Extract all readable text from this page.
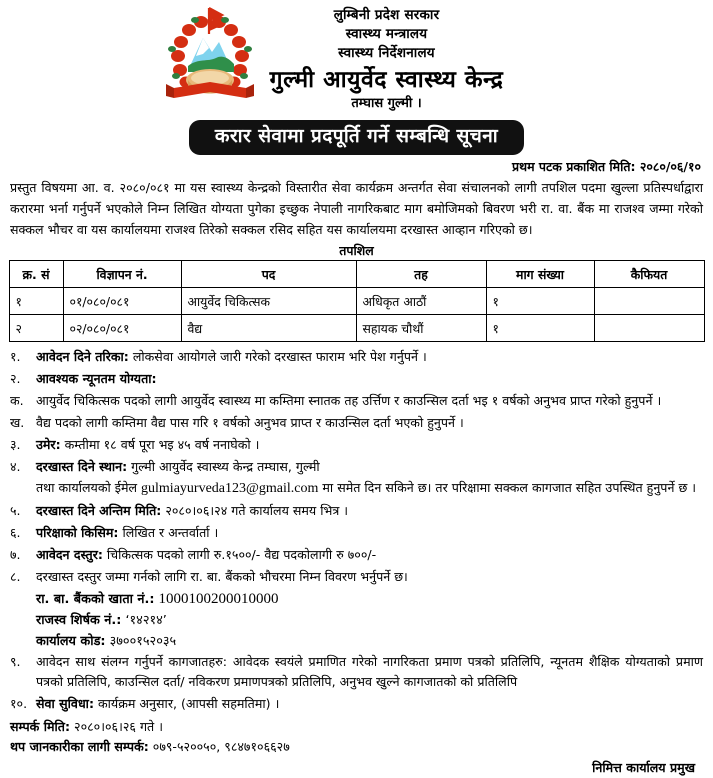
लुम्बिनी प्रदेश सरकार
स्वास्थ्य मन्त्रालय
स्वास्थ्य निर्देशनालय
गुल्मी आयुर्वेद स्वास्थ्य केन्द्र
तम्घास गुल्मी ।
करार सेवामा प्रदपूर्ति गर्ने सम्बन्धि सूचना
प्रथम पटक प्रकाशित मिति: २०८०/०६/१०
प्रस्तुत विषयमा आ. व. २०८०/०८१ मा यस स्वास्थ्य केन्द्रको विस्तारीत सेवा कार्यक्रम अन्तर्गत सेवा संचालनको लागी तपशिल पदमा खुल्ला प्रतिस्पर्धाद्वारा करारमा भर्ना गर्नुपर्ने भएकोले निम्न लिखित योग्यता पुगेका इच्छुक नेपाली नागरिकबाट माग बमोजिमको बिवरण भरी रा. वा. बैंक मा राजश्व जम्मा गरेको सक्कल भौचर वा यस कार्यालयमा राजश्व तिरेको सक्कल रसिद सहित यस कार्यालयमा दरखास्त आव्हान गरिएको छ।
तपशिल
क्र. सं	विज्ञापन नं.	पद	तह	माग संख्या	कैफियत
१	०१/०८०/०८१	आयुर्वेद चिकित्सक	अधिकृत आठौं	१	
२	०२/०८०/०८१	वैद्य	सहायक चौथौं	१	
१.	आवेदन दिने तरिका: लोकसेवा आयोगले जारी गरेको दरखास्त फाराम भरि पेश गर्नुपर्ने ।
२.	आवश्यक न्यूनतम योग्यता:
क. आयुर्वेद चिकित्सक पदको लागी आयुर्वेद स्वास्थ्य मा कम्तिमा स्नातक तह उर्त्तिण र काउन्सिल दर्ता भइ १ वर्षको अनुभव प्राप्त गरेको हुनुपर्ने ।
ख. वैद्य पदको लागी कम्तिमा वैद्य पास गरि १ वर्षको अनुभव प्राप्त र काउन्सिल दर्ता भएको हुनुपर्ने ।
३.	उमेर: कम्तीमा १८ वर्ष पूरा भइ ४५ वर्ष ननाघेको ।
४.	दरखास्त दिने स्थान: गुल्मी आयुर्वेद स्वास्थ्य केन्द्र तम्घास, गुल्मी
तथा कार्यालयको ईमेल gulmiayurveda123@gmail.com मा समेत दिन सकिने छ। तर परिक्षामा सक्कल कागजात सहित उपस्थित हुनुपर्ने छ ।
५.	दरखास्त दिने अन्तिम मिति: २०८०।०६।२४ गते कार्यालय समय भित्र ।
६.	परिक्षाको किसिम: लिखित र अन्तर्वार्ता ।
७.	आवेदन दस्तुर: चिकित्सक पदको लागी रु.१५००/- वैद्य पदकोलागी रु ७००/-
८.	दरखास्त दस्तुर जम्मा गर्नको लागि रा. बा. बैंकको भौचरमा निम्न विवरण भर्नुपर्ने छ।
रा. बा. बैंकको खाता नं.: 1000100200010000
राजस्व शिर्षक नं.: ‘१४२१४’
कार्यालय कोड: ३७००१५२०३५
९.	आवेदन साथ संलग्न गर्नुपर्ने कागजातहरु: आवेदक स्वयंले प्रमाणित गरेको नागरिकता प्रमाण पत्रको प्रतिलिपि, न्यूनतम शैक्षिक योग्यताको प्रमाण पत्रको प्रतिलिपि, काउन्सिल दर्ता/ नविकरण प्रमाणपत्रको प्रतिलिपि, अनुभव खुल्ने कागजातको को प्रतिलिपि
१०. सेवा सुविधा: कार्यक्रम अनुसार, (आपसी सहमतिमा) ।
सम्पर्क मिति: २०८०।०६।२६ गते ।
थप जानकारीका लागी सम्पर्क: ०७९-५२००५०, ९८४७१०६६२७
निमित्त कार्यालय प्रमुख
